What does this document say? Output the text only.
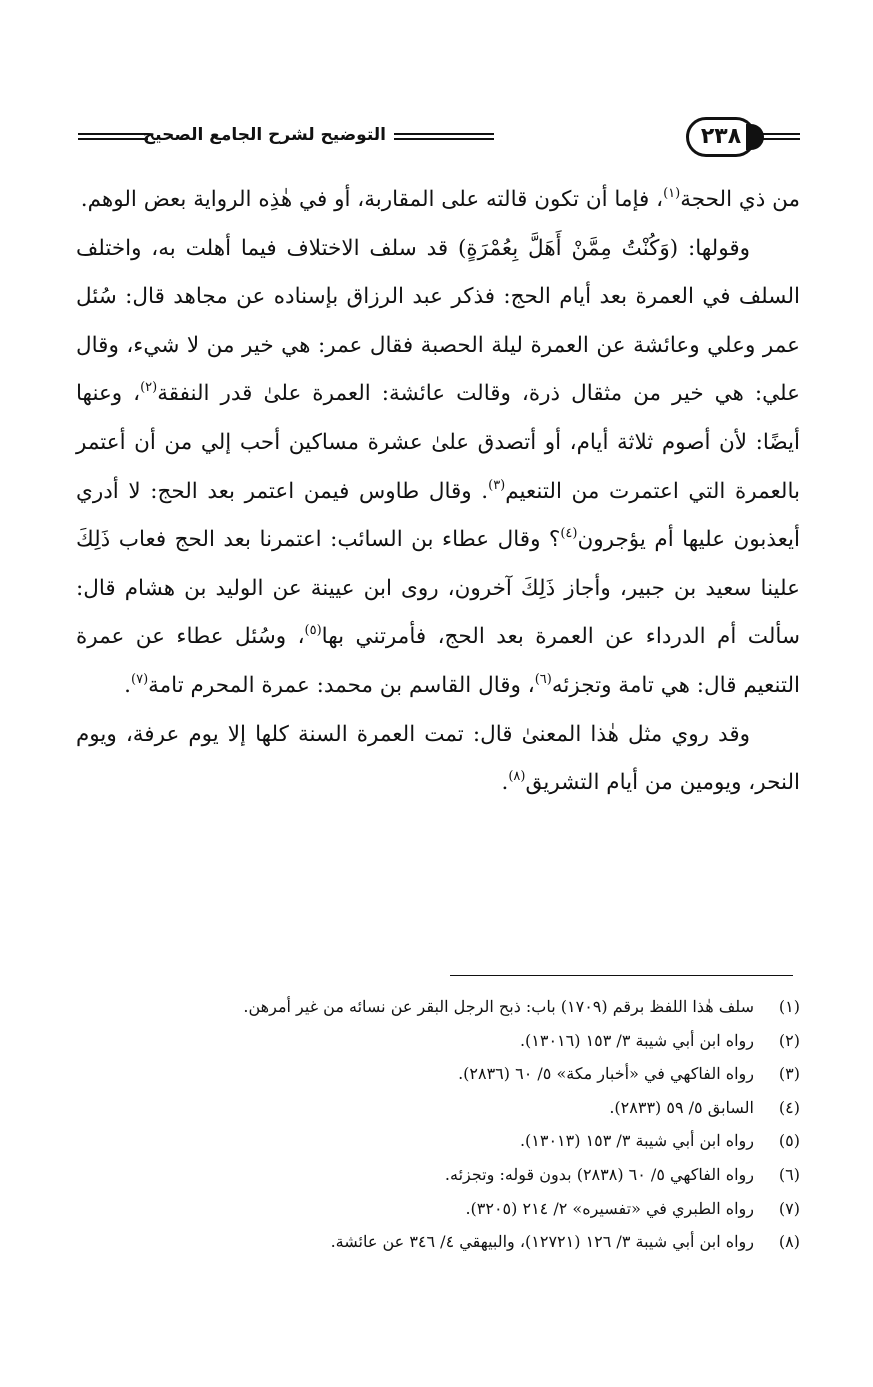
التوضيح لشرح الجامع الصحيح	٢٣٨

من ذي الحجة$^{(١)}$، فإما أن تكون قالته على المقاربة، أو في هٰذِه الرواية بعض الوهم.

وقولها: (وَكُنْتُ مِمَّنْ أَهَلَّ بِعُمْرَةٍ) قد سلف الاختلاف فيما أهلت به، واختلف السلف في العمرة بعد أيام الحج: فذكر عبد الرزاق بإسناده عن مجاهد قال: سُئل عمر وعلي وعائشة عن العمرة ليلة الحصبة فقال عمر: هي خير من لا شيء، وقال علي: هي خير من مثقال ذرة، وقالت عائشة: العمرة علىٰ قدر النفقة$^{(٢)}$، وعنها أيضًا: لأن أصوم ثلاثة أيام، أو أتصدق علىٰ عشرة مساكين أحب إلي من أن أعتمر بالعمرة التي اعتمرت من التنعيم$^{(٣)}$. وقال طاوس فيمن اعتمر بعد الحج: لا أدري أيعذبون عليها أم يؤجرون$^{(٤)}$؟ وقال عطاء بن السائب: اعتمرنا بعد الحج فعاب ذَلِكَ علينا سعيد بن جبير، وأجاز ذَلِكَ آخرون، روى ابن عيينة عن الوليد بن هشام قال: سألت أم الدرداء عن العمرة بعد الحج، فأمرتني بها$^{(٥)}$، وسُئل عطاء عن عمرة التنعيم قال: هي تامة وتجزئه$^{(٦)}$، وقال القاسم بن محمد: عمرة المحرم تامة$^{(٧)}$.

وقد روي مثل هٰذا المعنىٰ قال: تمت العمرة السنة كلها إلا يوم عرفة، ويوم النحر، ويومين من أيام التشريق$^{(٨)}$.

(١)سلف هٰذا اللفظ برقم (١٧٠٩) باب: ذبح الرجل البقر عن نسائه من غير أمرهن.
(٢)رواه ابن أبي شيبة ٣/ ١٥٣ (١٣٠١٦).
(٣)رواه الفاكهي في «أخبار مكة» ٥/ ٦٠ (٢٨٣٦).
(٤)السابق ٥/ ٥٩ (٢٨٣٣).
(٥)رواه ابن أبي شيبة ٣/ ١٥٣ (١٣٠١٣).
(٦)رواه الفاكهي ٥/ ٦٠ (٢٨٣٨) بدون قوله: وتجزئه.
(٧)رواه الطبري في «تفسيره» ٢/ ٢١٤ (٣٢٠٥).
(٨)رواه ابن أبي شيبة ٣/ ١٢٦ (١٢٧٢١)، والبيهقي ٤/ ٣٤٦ عن عائشة.
